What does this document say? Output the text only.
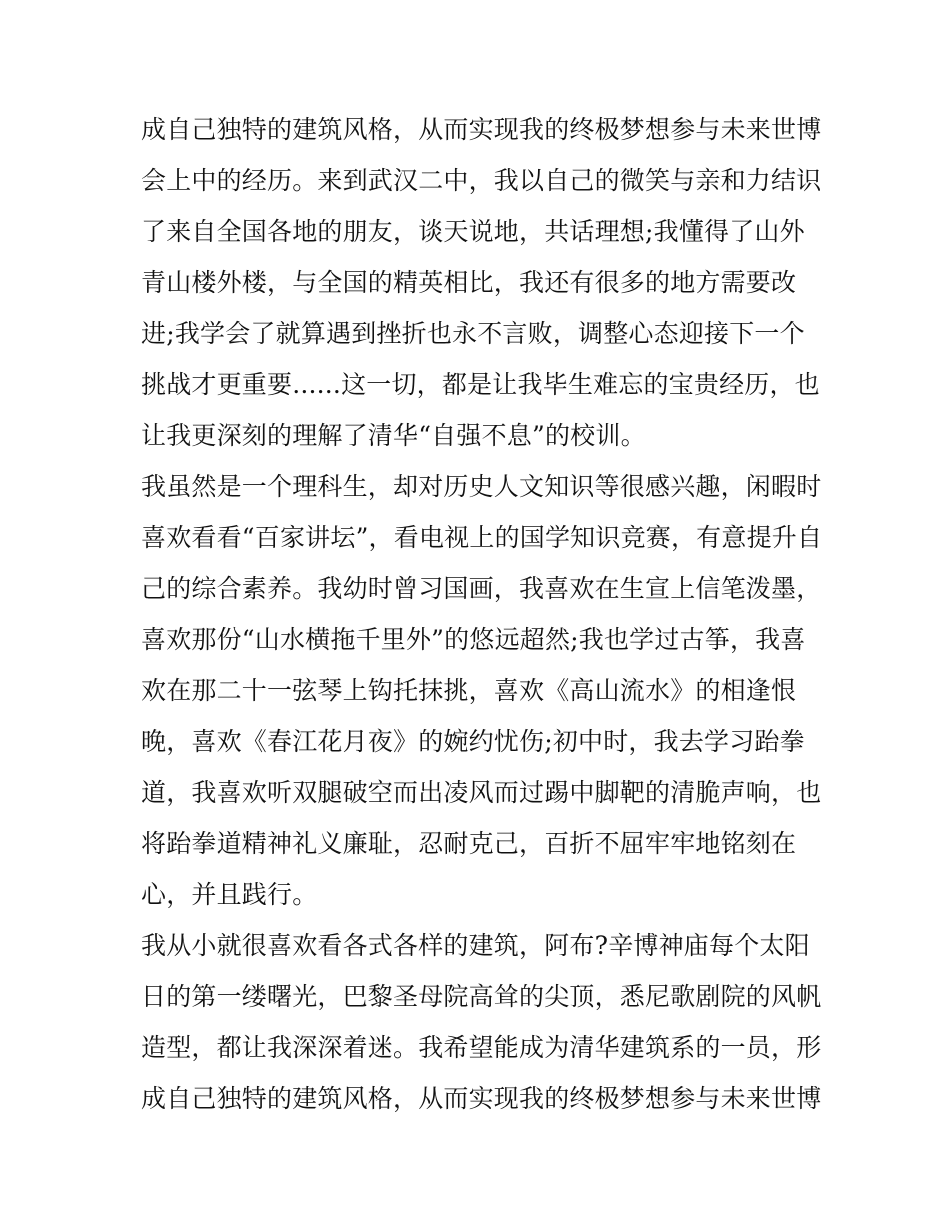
成自己独特的建筑风格，从而实现我的终极梦想参与未来世博
会上中的经历。来到武汉二中，我以自己的微笑与亲和力结识
了来自全国各地的朋友，谈天说地，共话理想;我懂得了山外
青山楼外楼，与全国的精英相比，我还有很多的地方需要改
进;我学会了就算遇到挫折也永不言败，调整心态迎接下一个
挑战才更重要......这一切，都是让我毕生难忘的宝贵经历，也
让我更深刻的理解了清华“自强不息”的校训。
我虽然是一个理科生，却对历史人文知识等很感兴趣，闲暇时
喜欢看看“百家讲坛”，看电视上的国学知识竞赛，有意提升自
己的综合素养。我幼时曾习国画，我喜欢在生宣上信笔泼墨，
喜欢那份“山水横拖千里外”的悠远超然;我也学过古筝，我喜
欢在那二十一弦琴上钩托抹挑，喜欢《高山流水》的相逢恨
晚，喜欢《春江花月夜》的婉约忧伤;初中时，我去学习跆拳
道，我喜欢听双腿破空而出凌风而过踢中脚靶的清脆声响，也
将跆拳道精神礼义廉耻，忍耐克己，百折不屈牢牢地铭刻在
心，并且践行。
我从小就很喜欢看各式各样的建筑，阿布?辛博神庙每个太阳
日的第一缕曙光，巴黎圣母院高耸的尖顶，悉尼歌剧院的风帆
造型，都让我深深着迷。我希望能成为清华建筑系的一员，形
成自己独特的建筑风格，从而实现我的终极梦想参与未来世博
